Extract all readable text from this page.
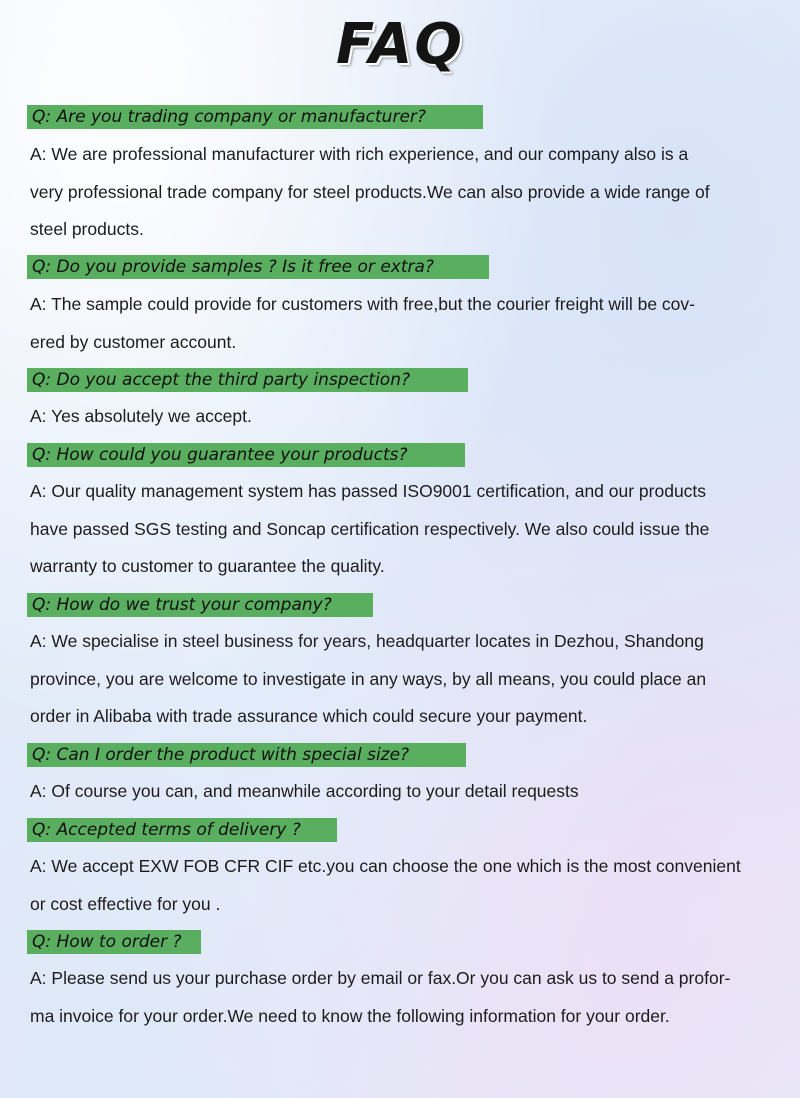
FAQ
Q: Are you trading company or manufacturer?
A: We are professional manufacturer with rich experience, and our company also is a
very professional trade company for steel products.We can also provide a wide range of
steel products.
Q: Do you provide samples ? Is it free or extra?
A: The sample could provide for customers with free,but the courier freight will be cov-
ered by customer account.
Q: Do you accept the third party inspection?
A: Yes absolutely we accept.
Q: How could you guarantee your products?
A: Our quality management system has passed ISO9001 certification, and our products
have passed SGS testing and Soncap certification respectively. We also could issue the
warranty to customer to guarantee the quality.
Q: How do we trust your company?
A: We specialise in steel business for years, headquarter locates in Dezhou, Shandong
province, you are welcome to investigate in any ways, by all means, you could place an
order in Alibaba with trade assurance which could secure your payment.
Q: Can I order the product with special size?
A: Of course you can, and meanwhile according to your detail requests
Q: Accepted terms of delivery ?
A: We accept EXW FOB CFR CIF etc.you can choose the one which is the most convenient
or cost effective for you .
Q: How to order ?
A: Please send us your purchase order by email or fax.Or you can ask us to send a profor-
ma invoice for your order.We need to know the following information for your order.
